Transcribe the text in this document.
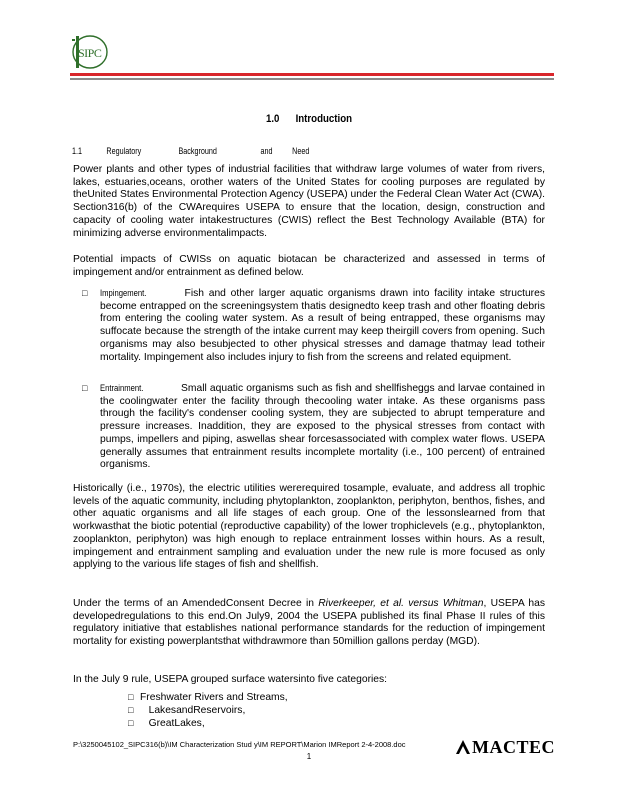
SIPC
1.0 Introduction
1.1	Regulatory	Background	and Need

Power plants and other types of industrial facilities that withdraw large volumes of water from rivers, lakes, estuaries,oceans, orother waters of the United States for cooling purposes are regulated by theUnited States Environmental Protection Agency (USEPA) under the Federal Clean Water Act (CWA). Section316(b) of the CWArequires USEPA to ensure that the location, design, construction and capacity of cooling water intakestructures (CWIS) reflect the Best Technology Available (BTA) for minimizing adverse environmentalimpacts.

Potential impacts of CWISs on aquatic biotacan be characterized and assessed in terms of impingement and/or entrainment as defined below.

□ Impingement.	Fish and other larger aquatic organisms drawn into facility intake structures become entrapped on the screeningsystem thatis designedto keep trash and other floating debris from entering the cooling water system. As a result of being entrapped, these organisms may suffocate because the strength of the intake current may keep theirgill covers from opening. Such organisms may also besubjected to other physical stresses and damage thatmay lead totheir mortality. Impingement also includes injury to fish from the screens and related equipment.
□ Entrainment.	Small aquatic organisms such as fish and shellfisheggs and larvae contained in the coolingwater enter the facility through thecooling water intake. As these organisms pass through the facility's condenser cooling system, they are subjected to abrupt temperature and pressure increases. Inaddition, they are exposed to the physical stresses from contact with pumps, impellers and piping, aswellas shear forcesassociated with complex water flows. USEPA generally assumes that entrainment results incomplete mortality (i.e., 100 percent) of entrained organisms.

Historically (i.e., 1970s), the electric utilities wererequired tosample, evaluate, and address all trophic levels of the aquatic community, including phytoplankton, zooplankton, periphyton, benthos, fishes, and other aquatic organisms and all life stages of each group. One of the lessonslearned from that workwasthat the biotic potential (reproductive capability) of the lower trophiclevels (e.g., phytoplankton, zooplankton, periphyton) was high enough to replace entrainment losses within hours. As a result, impingement and entrainment sampling and evaluation under the new rule is more focused as only applying to the various life stages of fish and shellfish.

Under the terms of an AmendedConsent Decree in Riverkeeper, et al. versus Whitman, USEPA has developedregulations to this end.On July9, 2004 the USEPA published its final Phase II rules of this regulatory initiative that establishes national performance standards for the reduction of impingement mortality for existing powerplantsthat withdrawmore than 50million gallons perday (MGD).

In the July 9 rule, USEPA grouped surface watersinto five categories:

□ Freshwater Rivers and Streams,
□ LakesandReservoirs,
□ GreatLakes,
P:\3250045102_SIPC316(b)\IM Characterization Stud y\IM REPORT\Marion IMReport 2-4-2008.doc
1	MACTEC
